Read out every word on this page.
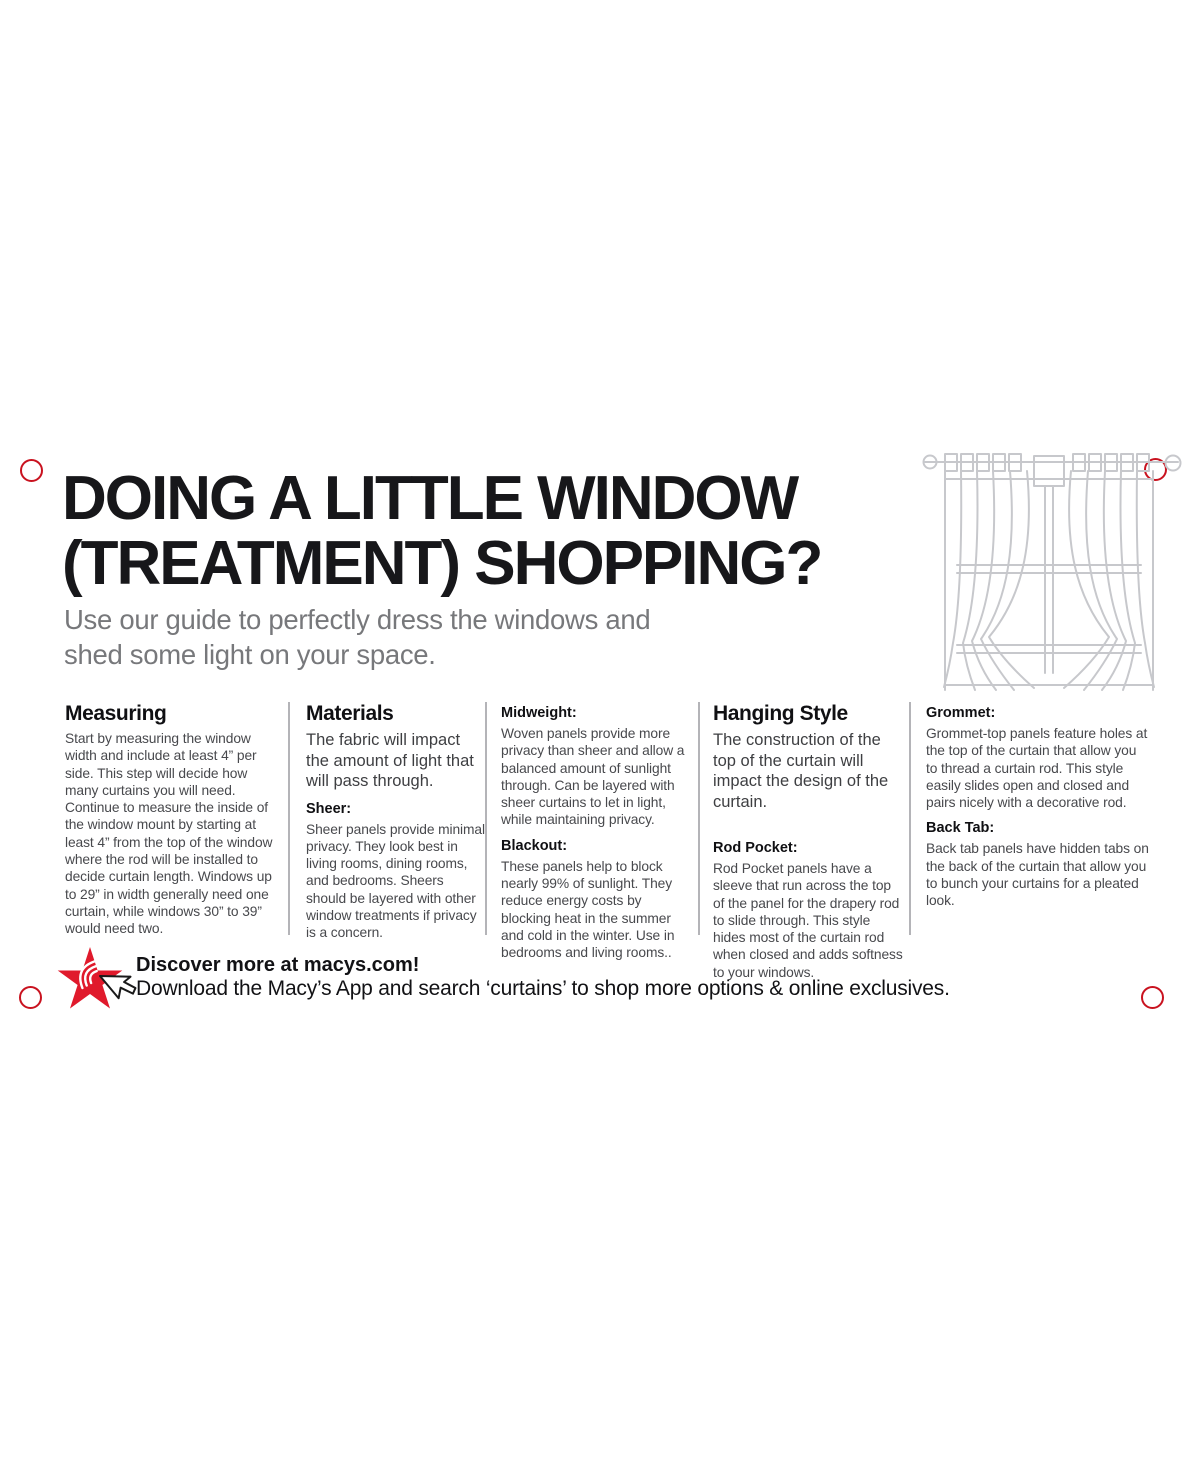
DOING A LITTLE WINDOW
(TREATMENT) SHOPPING?
Use our guide to perfectly dress the windows and
shed some light on your space.
Measuring

Start by measuring the window width and include at least 4” per side. This step will decide how many curtains you will need. Continue to measure the inside of the window mount by starting at least 4” from the top of the window where the rod will be installed to decide curtain length. Windows up to 29” in width generally need one curtain, while windows 30” to 39” would need two.

Materials

The fabric will impact the amount of light that will pass through.

Sheer:

Sheer panels provide minimal privacy. They look best in living rooms, dining rooms, and bedrooms. Sheers should be layered with other window treatments if privacy is a concern.

Midweight:

Woven panels provide more privacy than sheer and allow a balanced amount of sunlight through. Can be layered with sheer curtains to let in light, while maintaining privacy.

Blackout:

These panels help to block nearly 99% of sunlight. They reduce energy costs by blocking heat in the summer and cold in the winter. Use in bedrooms and living rooms..

Hanging Style

The construction of the top of the curtain will impact the design of the curtain.

Rod Pocket:

Rod Pocket panels have a sleeve that run across the top of the panel for the drapery rod to slide through. This style hides most of the curtain rod when closed and adds softness to your windows.

Grommet:

Grommet-top panels feature holes at the top of the curtain that allow you to thread a curtain rod. This style easily slides open and closed and pairs nicely with a decorative rod.

Back Tab:

Back tab panels have hidden tabs on the back of the curtain that allow you to bunch your curtains for a pleated look.

Discover more at macys.com!
Download the Macy’s App and search ‘curtains’ to shop more options & online exclusives.
